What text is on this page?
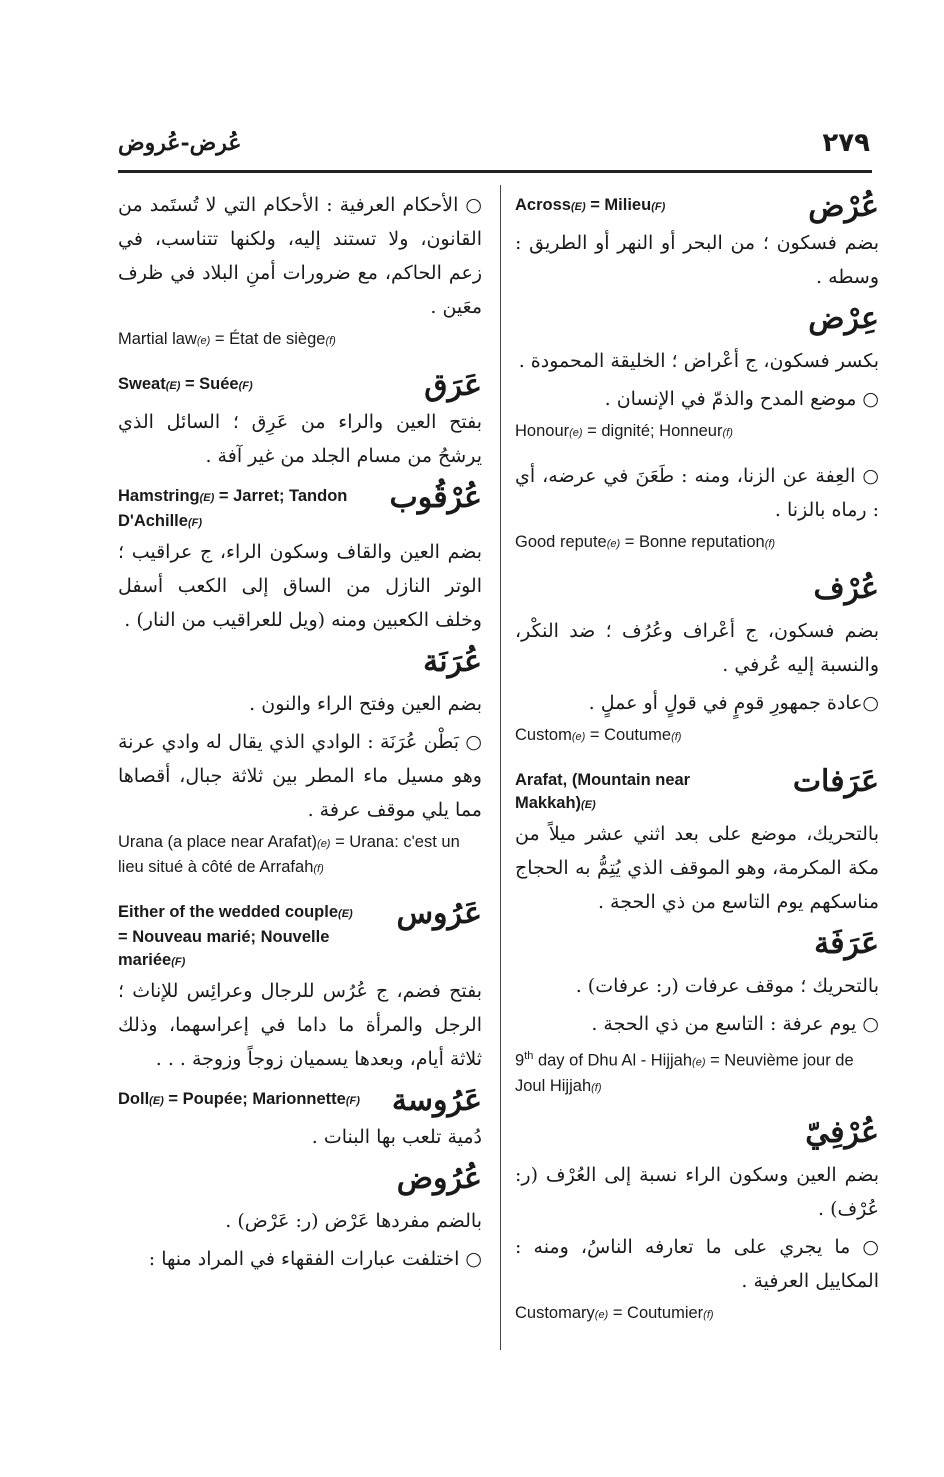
٢٧٩
عُرض-عُروض
عُرْض
Across(E) = Milieu(F)

بضم فسكون ؛ من البحر أو النهر أو الطريق : وسطه .

عِرْض

بكسر فسكون، ج أعْراض ؛ الخليقة المحمودة .

○ موضع المدح والذمّ في الإنسان .

Honour(e) = dignité; Honneur(f)

○ العِفة عن الزنا، ومنه : طَعَنَ في عرضه، أي : رماه بالزنا .

Good repute(e) = Bonne reputation(f)
عُرْف

بضم فسكون، ج أعْراف وعُرُف ؛ ضد النكْر، والنسبة إليه عُرفي .

○عادة جمهورِ قومٍ في قولٍ أو عملٍ .

Custom(e) = Coutume(f)
عَرَفات
Arafat, (Mountain near Makkah)(E)

بالتحريك، موضع على بعد اثني عشر ميلاً من مكة المكرمة، وهو الموقف الذي يُتِمُّ به الحجاج مناسكهم يوم التاسع من ذي الحجة .

عَرَفَة

بالتحريك ؛ موقف عرفات (ر: عرفات) .

○ يوم عرفة : التاسع من ذي الحجة .

9th day of Dhu Al - Hijjah(e) = Neuvième jour de Joul Hijjah(f)
عُرْفِيّ

بضم العين وسكون الراء نسبة إلى العُرْف (ر: عُرْف) .

○ ما يجري على ما تعارفه الناسُ، ومنه : المكاييل العرفية .

Customary(e) = Coutumier(f)

○ الأحكام العرفية : الأحكام التي لا تُستَمد من القانون، ولا تستند إليه، ولكنها تتناسب، في زعم الحاكم، مع ضرورات أمنِ البلاد في ظرف معَين .

Martial law(e) = État de siège(f)
عَرَق
Sweat(E) = Suée(F)

بفتح العين والراء من عَرِق ؛ السائل الذي يرشحُ من مسام الجلد من غير آفة .

عُرْقُوب
Hamstring(E) = Jarret; Tandon D'Achille(F)

بضم العين والقاف وسكون الراء، ج عراقيب ؛ الوتر النازل من الساق إلى الكعب أسفل وخلف الكعبين ومنه (ويل للعراقيب من النار) .

عُرَنَة

بضم العين وفتح الراء والنون .

○ بَطْن عُرَنَة : الوادي الذي يقال له وادي عرنة وهو مسيل ماء المطر بين ثلاثة جبال، أقصاها مما يلي موقف عرفة .

Urana (a place near Arafat)(e) = Urana: c'est un lieu situé à côté de Arrafah(f)
عَرُوس
Either of the wedded couple(E) = Nouveau marié; Nouvelle mariée(F)

بفتح فضم، ج عُرُس للرجال وعرائِس للإناث ؛ الرجل والمرأة ما داما في إعراسهما، وذلك ثلاثة أيام، وبعدها يسميان زوجاً وزوجة . . .

عَرُوسة
Doll(E) = Poupée; Marionnette(F)

دُمية تلعب بها البنات .

عُرُوض

بالضم مفردها عَرْض (ر: عَرْض) .

○ اختلفت عبارات الفقهاء في المراد منها :
